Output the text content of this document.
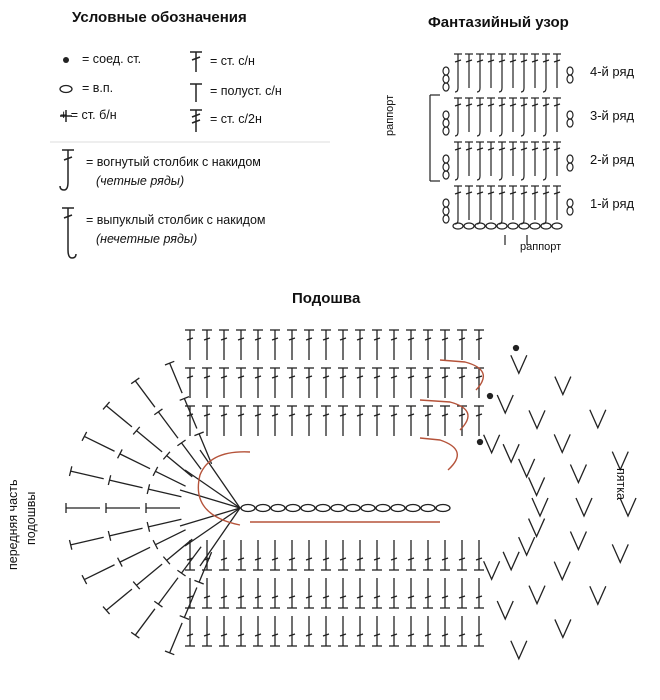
Условные обозначения
= соед. ст.
= в.п.
+ = ст. б/н
= ст. с/н
= полуст. с/н
= ст. с/2н
= вогнутый столбик с накидом
(четные ряды)
= выпуклый столбик с накидом
(нечетные ряды)
Фантазийный узор
4-й ряд
3-й ряд
2-й ряд
1-й ряд
раппорт
раппорт
Подошва
передняя часть подошвы
пятка
